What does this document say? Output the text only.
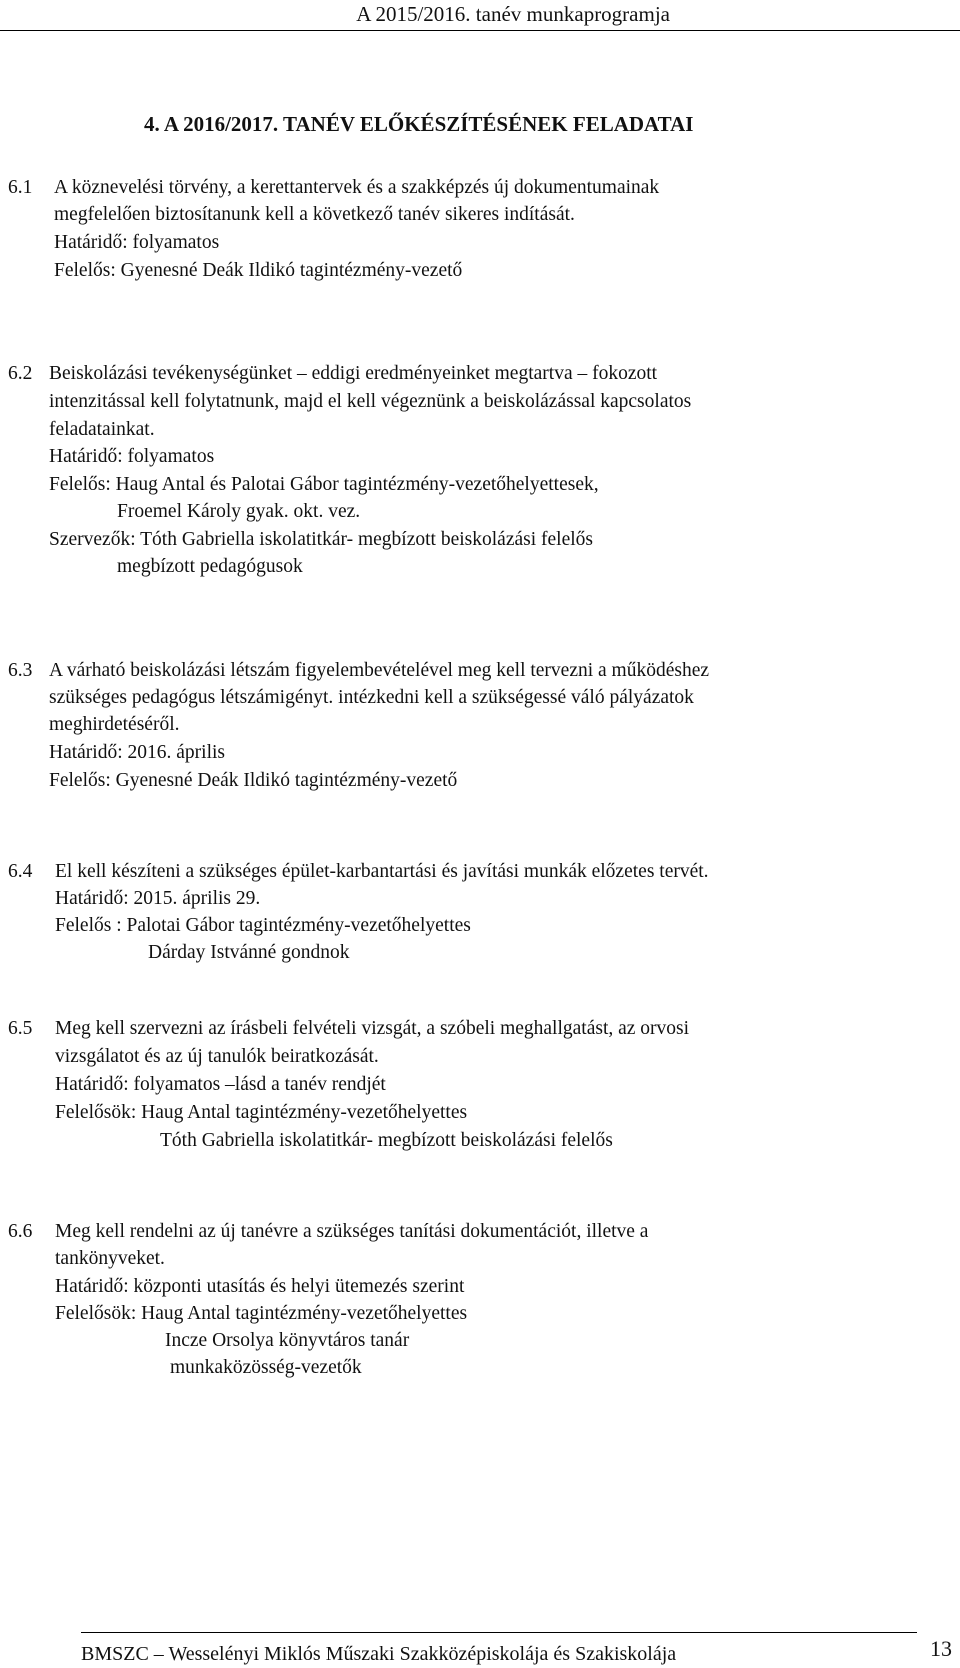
A 2015/2016. tanév munkaprogramja
4. A 2016/2017. TANÉV ELŐKÉSZÍTÉSÉNEK FELADATAI
6.1 A köznevelési törvény, a kerettantervek és a szakképzés új dokumentumainak
megfelelően biztosítanunk kell a következő tanév sikeres indítását.
Határidő: folyamatos
Felelős: Gyenesné Deák Ildikó tagintézmény-vezető
6.2 Beiskolázási tevékenységünket – eddigi eredményeinket megtartva – fokozott
intenzitással kell folytatnunk, majd el kell végeznünk a beiskolázással kapcsolatos
feladatainkat.
Határidő: folyamatos
Felelős: Haug Antal és Palotai Gábor tagintézmény-vezetőhelyettesek,
Froemel Károly gyak. okt. vez.
Szervezők: Tóth Gabriella iskolatitkár- megbízott beiskolázási felelős
megbízott pedagógusok
6.3 A várható beiskolázási létszám figyelembevételével meg kell tervezni a működéshez
szükséges pedagógus létszámigényt. intézkedni kell a szükségessé váló pályázatok
meghirdetéséről.
Határidő: 2016. április
Felelős: Gyenesné Deák Ildikó tagintézmény-vezető
6.4 El kell készíteni a szükséges épület-karbantartási és javítási munkák előzetes tervét.
Határidő: 2015. április 29.
Felelős : Palotai Gábor tagintézmény-vezetőhelyettes
Dárday Istvánné gondnok
6.5 Meg kell szervezni az írásbeli felvételi vizsgát, a szóbeli meghallgatást, az orvosi
vizsgálatot és az új tanulók beiratkozását.
Határidő: folyamatos –lásd a tanév rendjét
Felelősök: Haug Antal tagintézmény-vezetőhelyettes
Tóth Gabriella iskolatitkár- megbízott beiskolázási felelős
6.6 Meg kell rendelni az új tanévre a szükséges tanítási dokumentációt, illetve a
tankönyveket.
Határidő: központi utasítás és helyi ütemezés szerint
Felelősök: Haug Antal tagintézmény-vezetőhelyettes
Incze Orsolya könyvtáros tanár
munkaközösség-vezetők
BMSZC – Wesselényi Miklós Műszaki Szakközépiskolája és Szakiskolája	13
